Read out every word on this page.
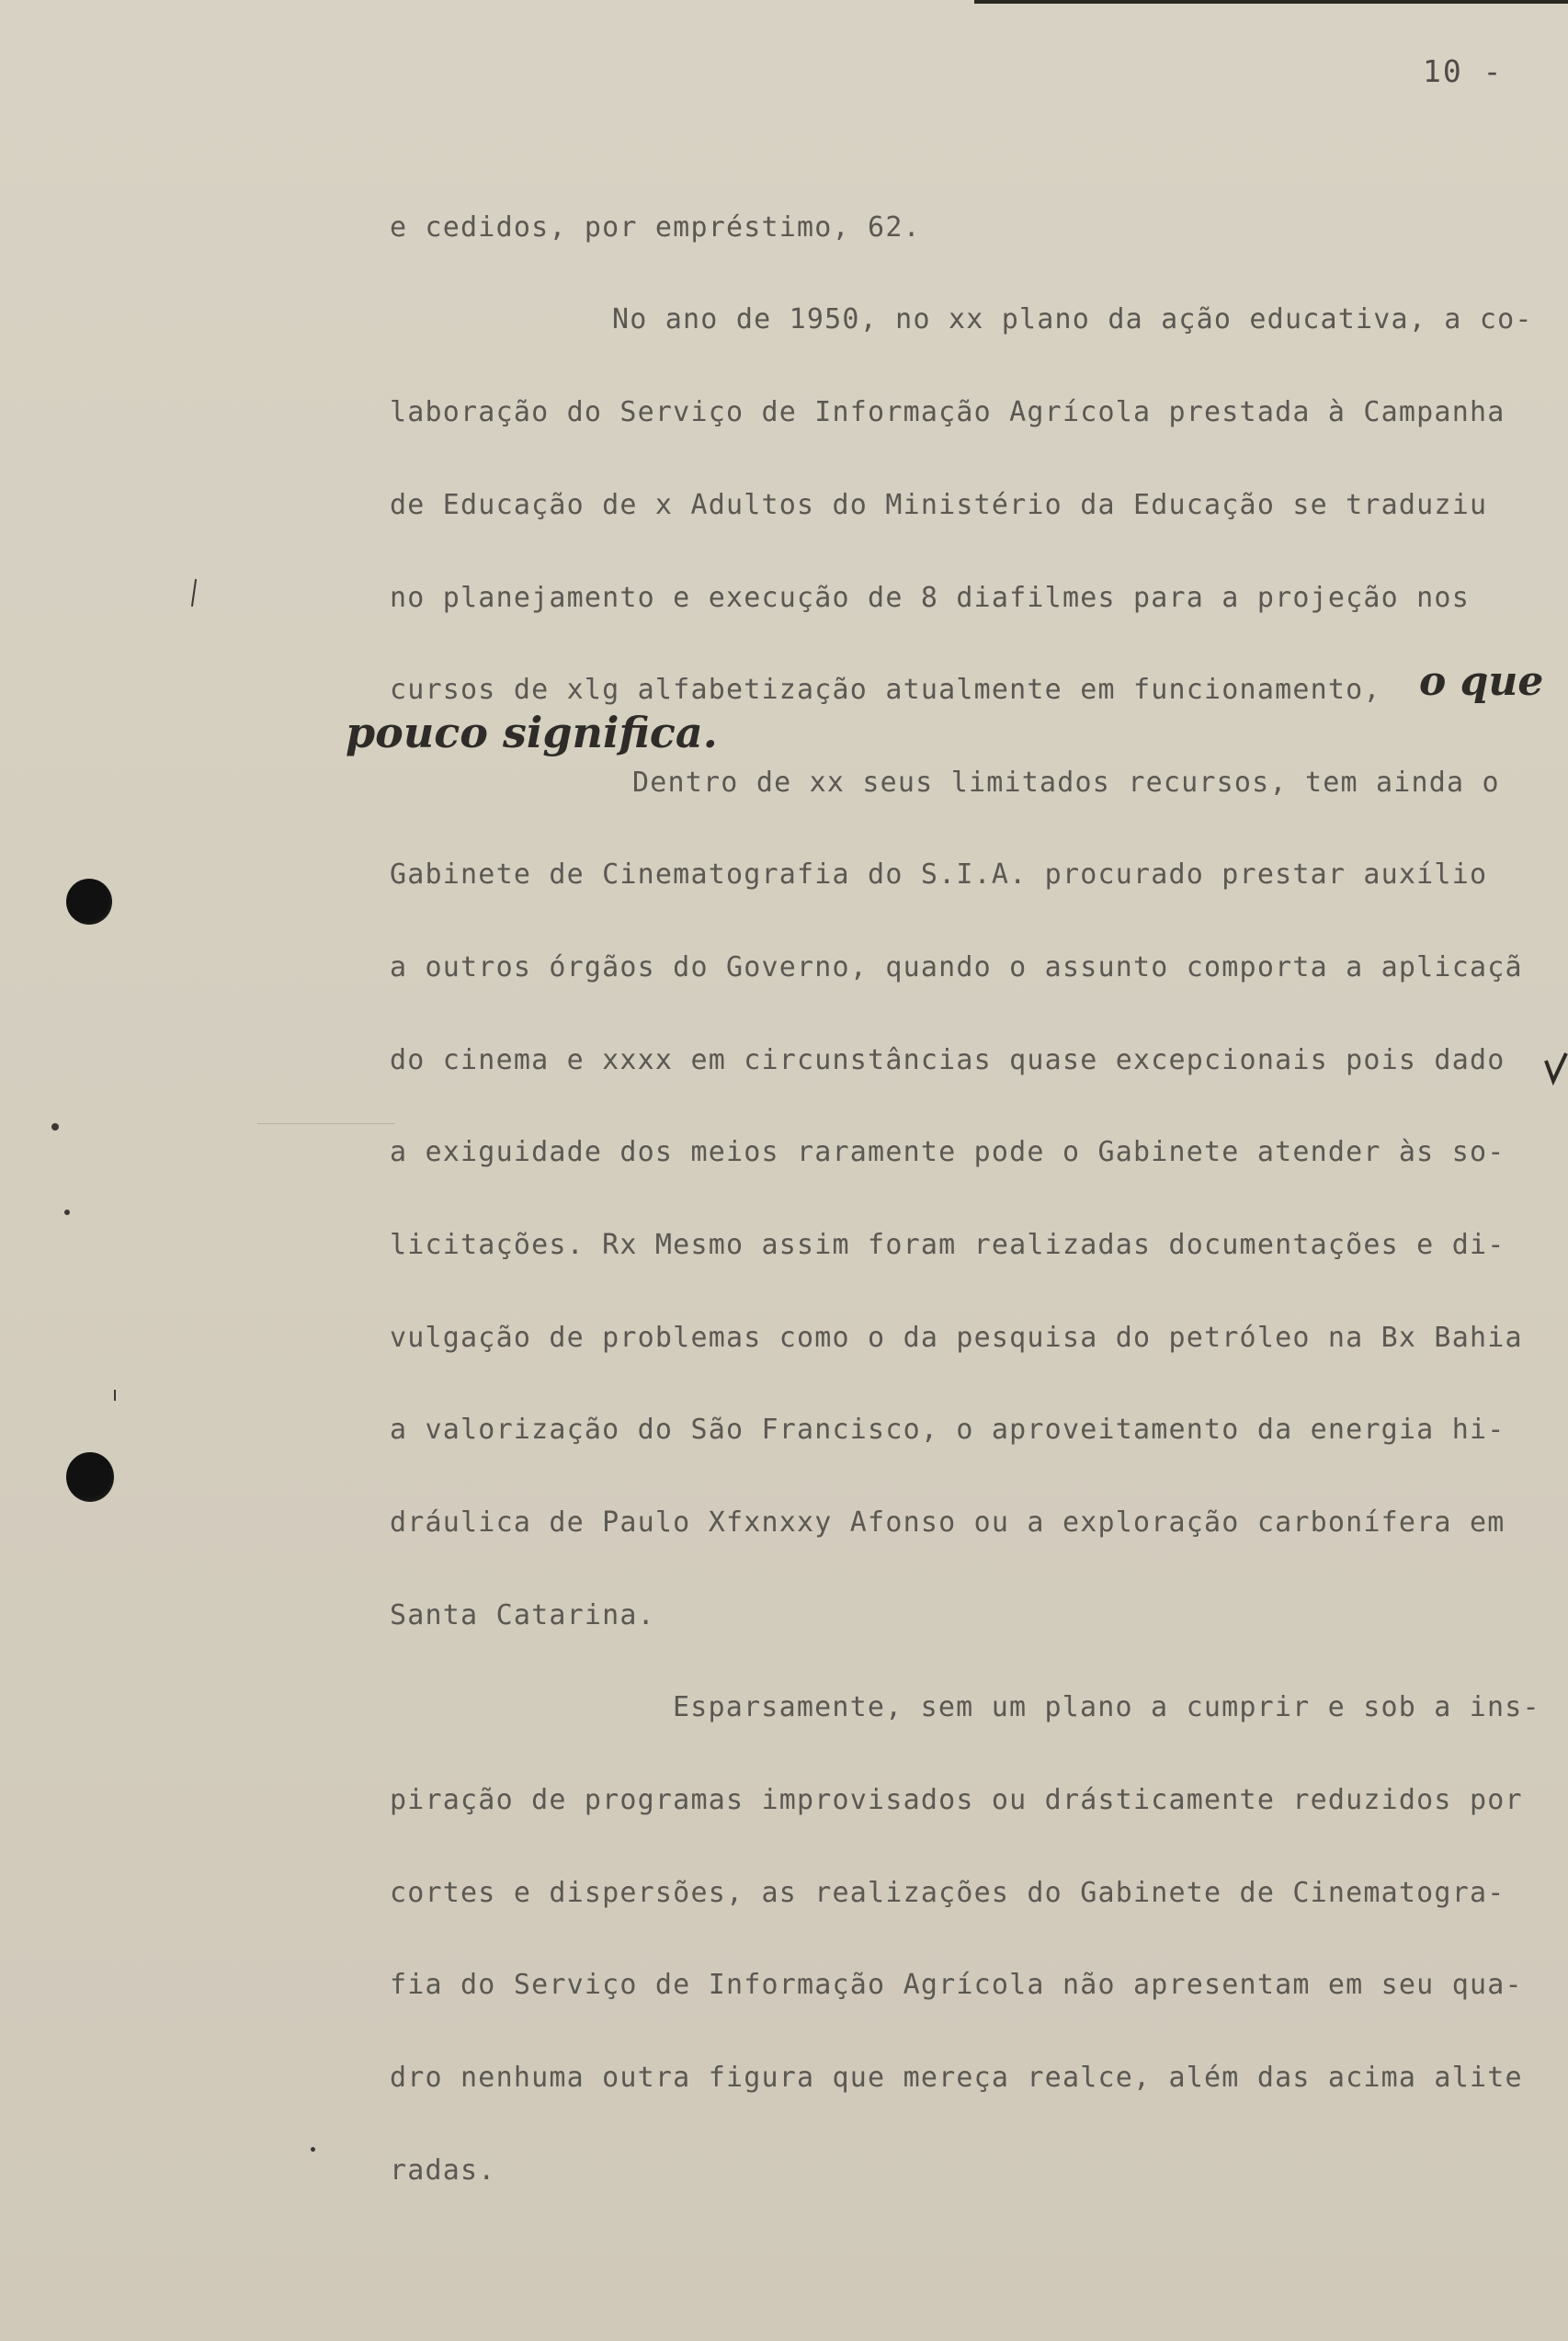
10 -
e cedidos, por empréstimo, 62.
No ano de 1950, no xx plano da ação educativa, a co-
laboração do Serviço de Informação Agrícola prestada à Campanha
de Educação de x Adultos do Ministério da Educação se traduziu
no planejamento e execução de 8 diafilmes para a projeção nos
cursos de xlg alfabetização atualmente em funcionamento, o que
pouco significa.
Dentro de xx seus limitados recursos, tem ainda o
Gabinete de Cinematografia do S.I.A. procurado prestar auxílio
a outros órgãos do Governo, quando o assunto comporta a aplicaçã
do cinema e xxxx em circunstâncias quase excepcionais pois dado
a exiguidade dos meios raramente pode o Gabinete atender às so-
licitações. Rx Mesmo assim foram realizadas documentações e di-
vulgação de problemas como o da pesquisa do petróleo na Bx Bahia
a valorização do São Francisco, o aproveitamento da energia hi-
dráulica de Paulo Xfxnxxy Afonso ou a exploração carbonífera em
Santa Catarina.
Esparsamente, sem um plano a cumprir e sob a ins-
piração de programas improvisados ou drásticamente reduzidos por
cortes e dispersões, as realizações do Gabinete de Cinematogra-
fia do Serviço de Informação Agrícola não apresentam em seu qua-
dro nenhuma outra figura que mereça realce, além das acima alite
radas.
